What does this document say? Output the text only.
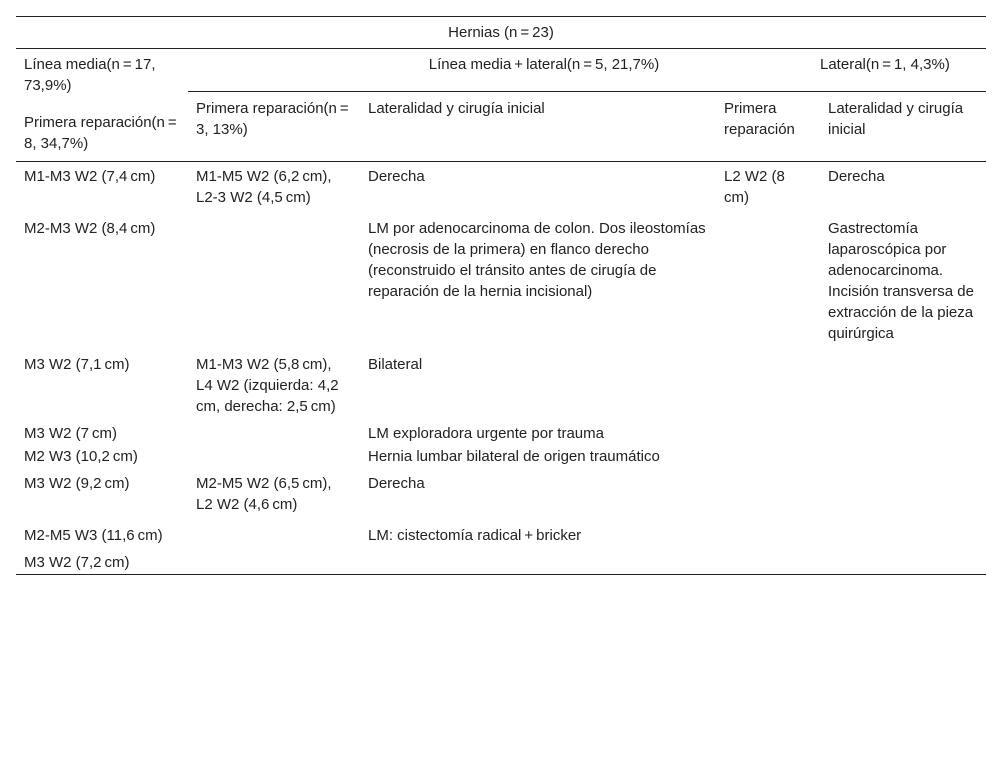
Hernias (n = 23)				

Línea media(n = 17, 73,9%)
Primera reparación(n = 8, 34,7%)	Línea media + lateral(n = 5, 21,7%)			Lateral(n = 1, 4,3%)
	Primera reparación(n = 3, 13%)	Lateralidad y cirugía inicial	Primera reparación	Lateralidad y cirugía inicial
M1-M3 W2 (7,4 cm)	M1-M5 W2 (6,2 cm), L2-3 W2 (4,5 cm)	Derecha	L2 W2 (8 cm)	Derecha
M2-M3 W2 (8,4 cm)		LM por adenocarcinoma de colon. Dos ileostomías (necrosis de la primera) en flanco derecho (reconstruido el tránsito antes de cirugía de reparación de la hernia incisional)		Gastrectomía laparoscópica por adenocarcinoma. Incisión transversa de extracción de la pieza quirúrgica
M3 W2 (7,1 cm)	M1-M3 W2 (5,8 cm), L4 W2 (izquierda: 4,2 cm, derecha: 2,5 cm)	Bilateral		
M3 W2 (7 cm)		LM exploradora urgente por trauma		
M2 W3 (10,2 cm)		Hernia lumbar bilateral de origen traumático		
M3 W2 (9,2 cm)	M2-M5 W2 (6,5 cm), L2 W2 (4,6 cm)	Derecha		
M2-M5 W3 (11,6 cm)		LM: cistectomía radical + bricker		
M3 W2 (7,2 cm)				
